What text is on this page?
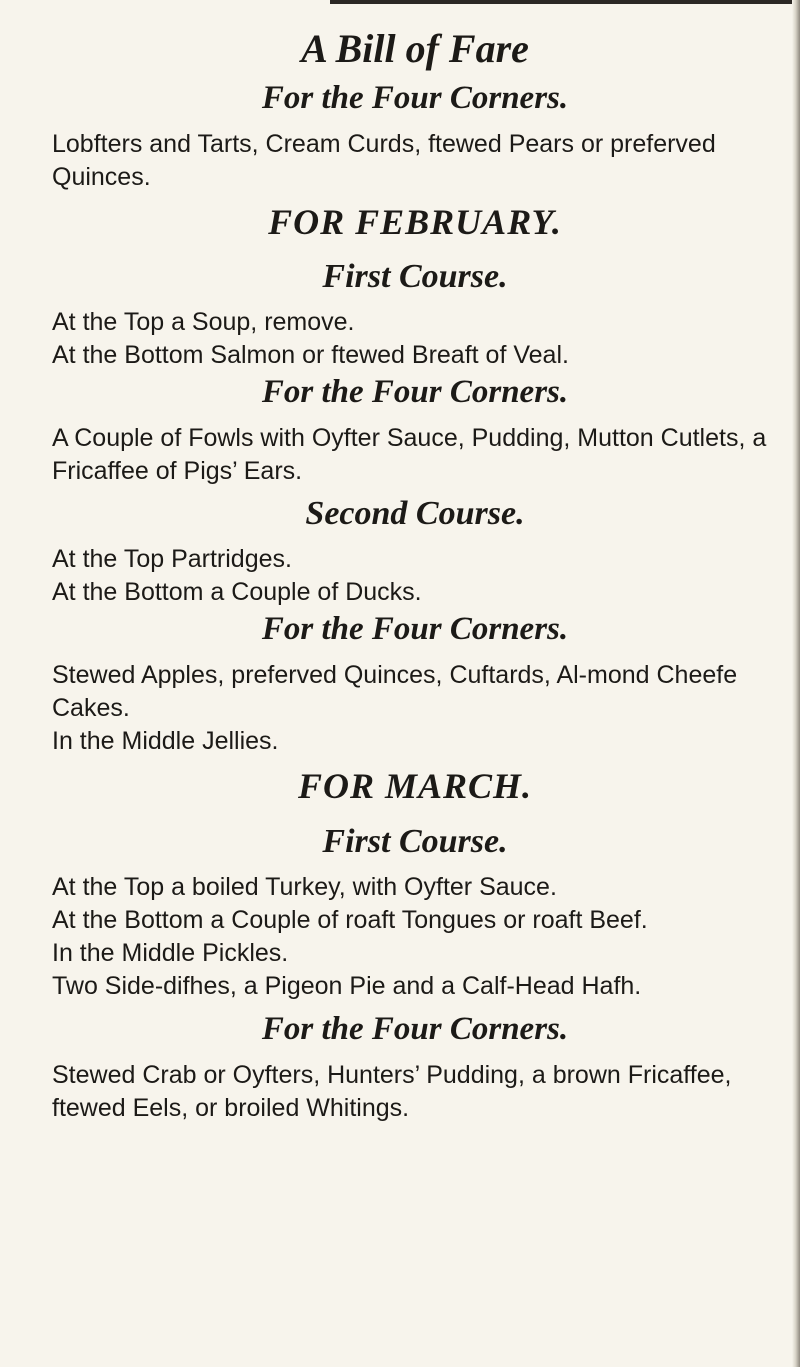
A Bill of Fare
For the Four Corners.

Lobfters and Tarts, Cream Curds, ftewed Pears or preferved Quinces.

FOR FEBRUARY.
First Course.

At the Top a Soup, remove.

At the Bottom Salmon or ftewed Breaft of Veal.

For the Four Corners.

A Couple of Fowls with Oyfter Sauce, Pudding, Mutton Cutlets, a Fricaffee of Pigs’ Ears.

Second Course.

At the Top Partridges.

At the Bottom a Couple of Ducks.

For the Four Corners.

Stewed Apples, preferved Quinces, Cuftards, Al-mond Cheefe Cakes.

In the Middle Jellies.

FOR MARCH.
First Course.

At the Top a boiled Turkey, with Oyfter Sauce.

At the Bottom a Couple of roaft Tongues or roaft Beef.

In the Middle Pickles.

Two Side-difhes, a Pigeon Pie and a Calf-Head Hafh.

For the Four Corners.

Stewed Crab or Oyfters, Hunters’ Pudding, a brown Fricaffee, ftewed Eels, or broiled Whitings.
